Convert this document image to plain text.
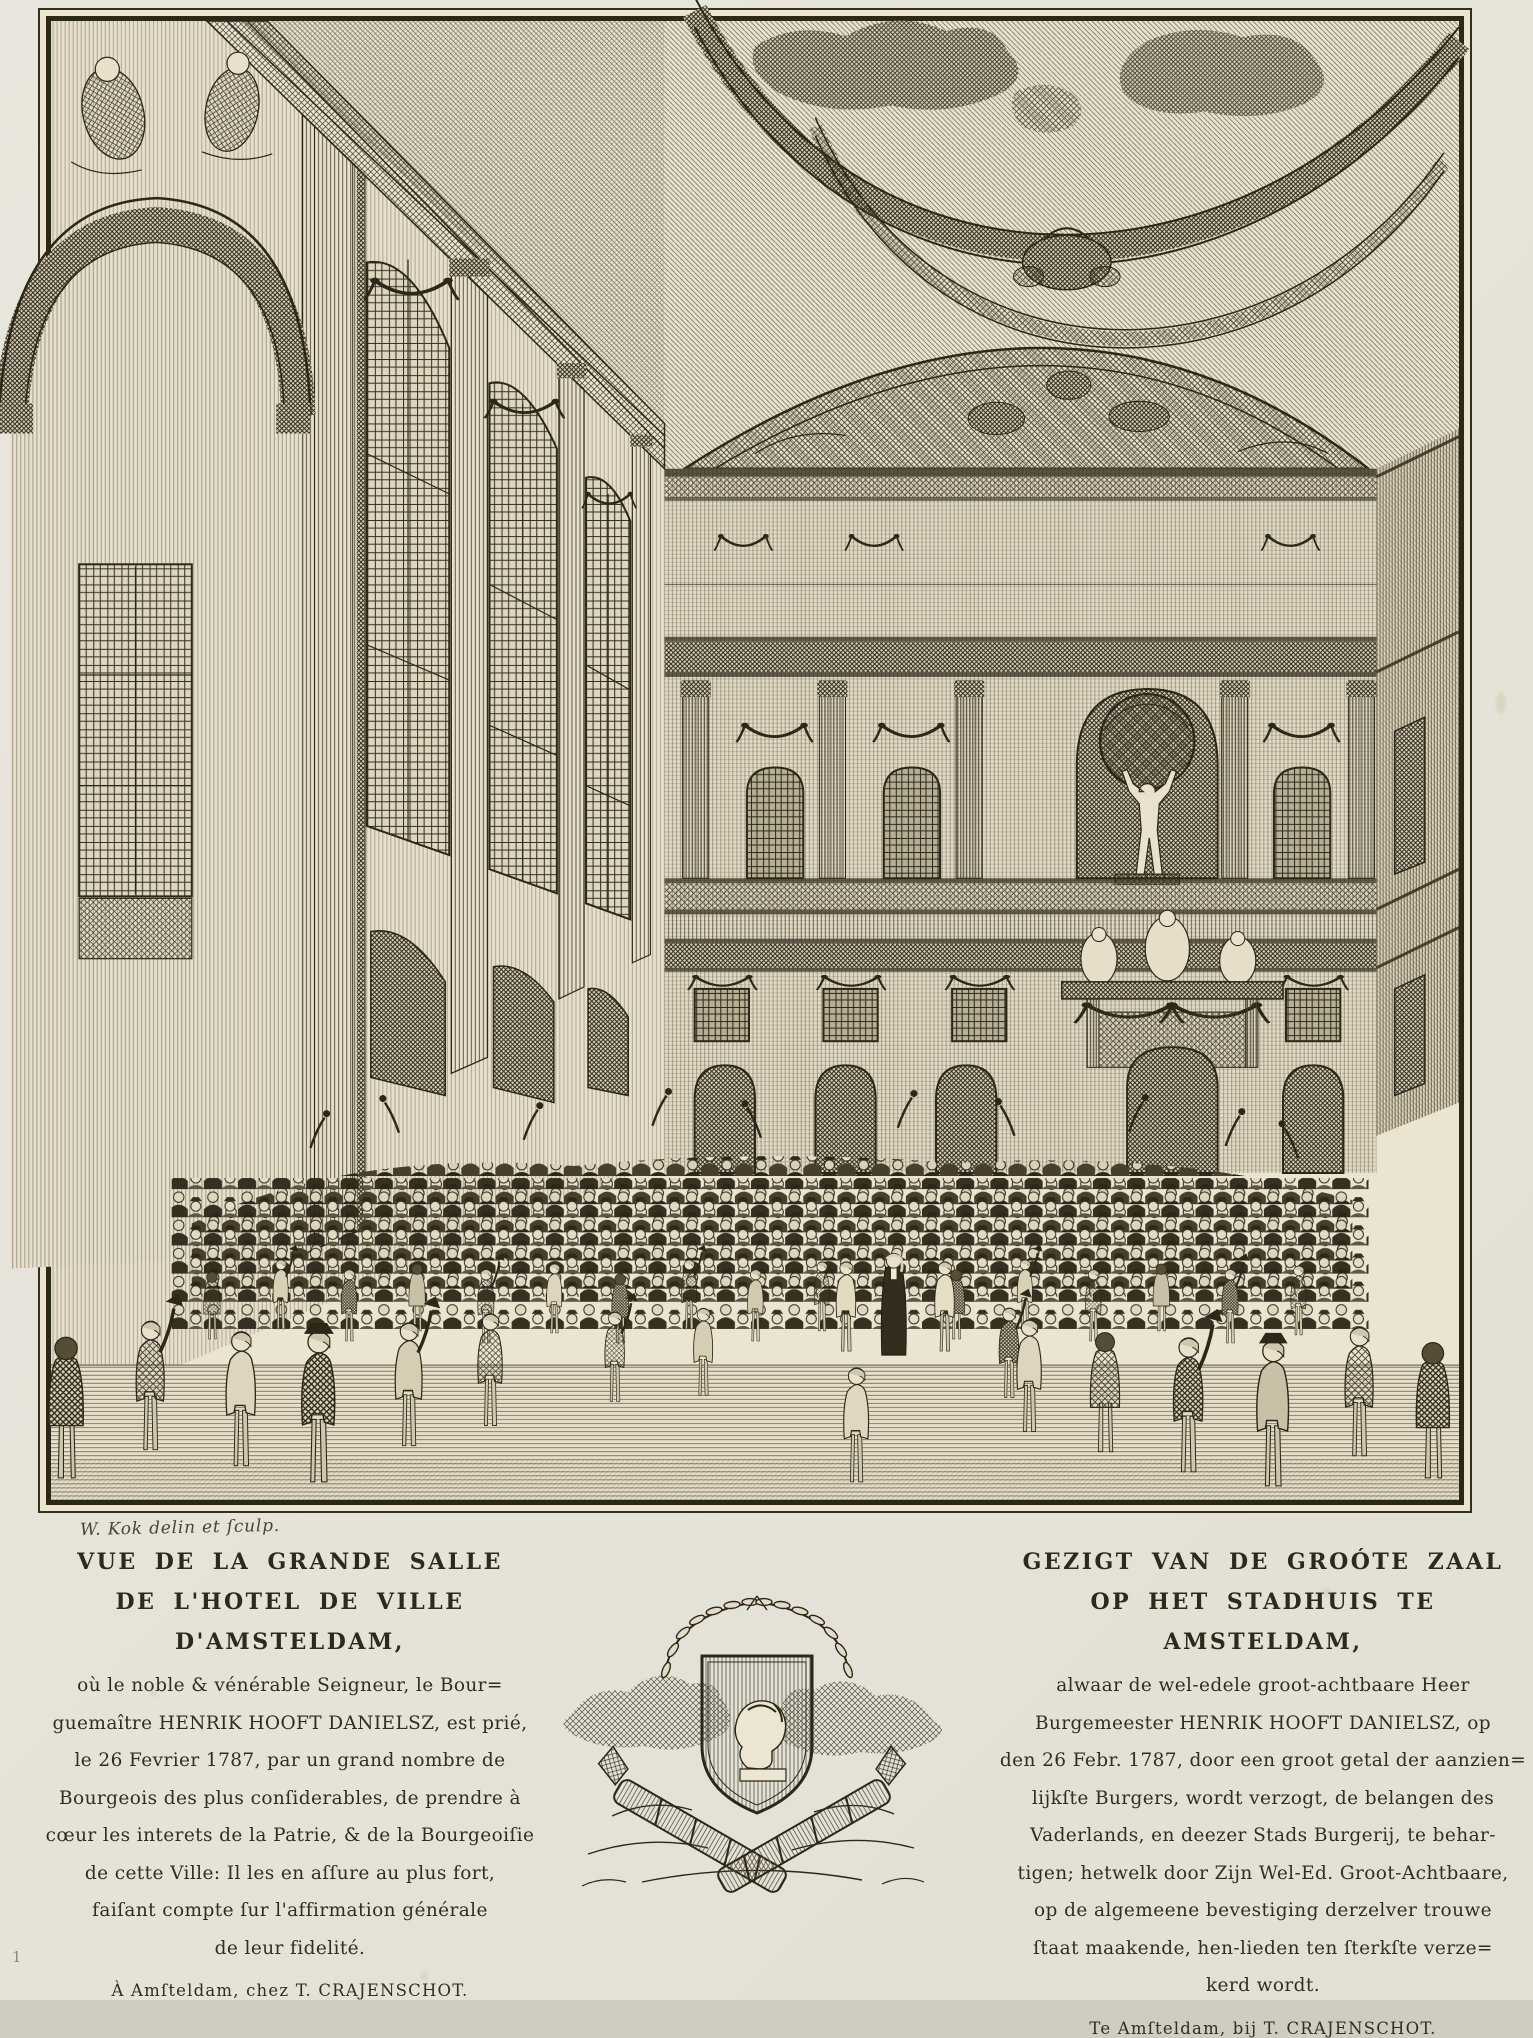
W. Kok delin et ſculp.
VUE DE LA GRANDE SALLE
DE L'HOTEL DE VILLE D'AMSTELDAM,
où le noble & vénérable Seigneur, le Bour=
guemaître HENRIK HOOFT DANIELSZ, est prié,
le 26 Fevrier 1787, par un grand nombre de
Bourgeois des plus conſiderables, de prendre à
cœur les interets de la Patrie, & de la Bourgeoiſie
de cette Ville: Il les en aſſure au plus fort,
faiſant compte ſur l'affirmation générale
de leur fidelité.
À Amſteldam, chez T. CRAJENSCHOT.
GEZIGT VAN DE GROÓTE ZAAL
OP HET STADHUIS TE AMSTELDAM,
alwaar de wel-edele groot-achtbaare Heer
Burgemeester HENRIK HOOFT DANIELSZ, op
den 26 Febr. 1787, door een groot getal der aanzien=
lijkſte Burgers, wordt verzogt, de belangen des
Vaderlands, en deezer Stads Burgerij, te behar-
tigen; hetwelk door Zijn Wel-Ed. Groot-Achtbaare,
op de algemeene bevestiging derzelver trouwe
ſtaat maakende, hen-lieden ten ſterkſte verze=
kerd wordt.
Te Amſteldam, bij T. CRAJENSCHOT.
1
